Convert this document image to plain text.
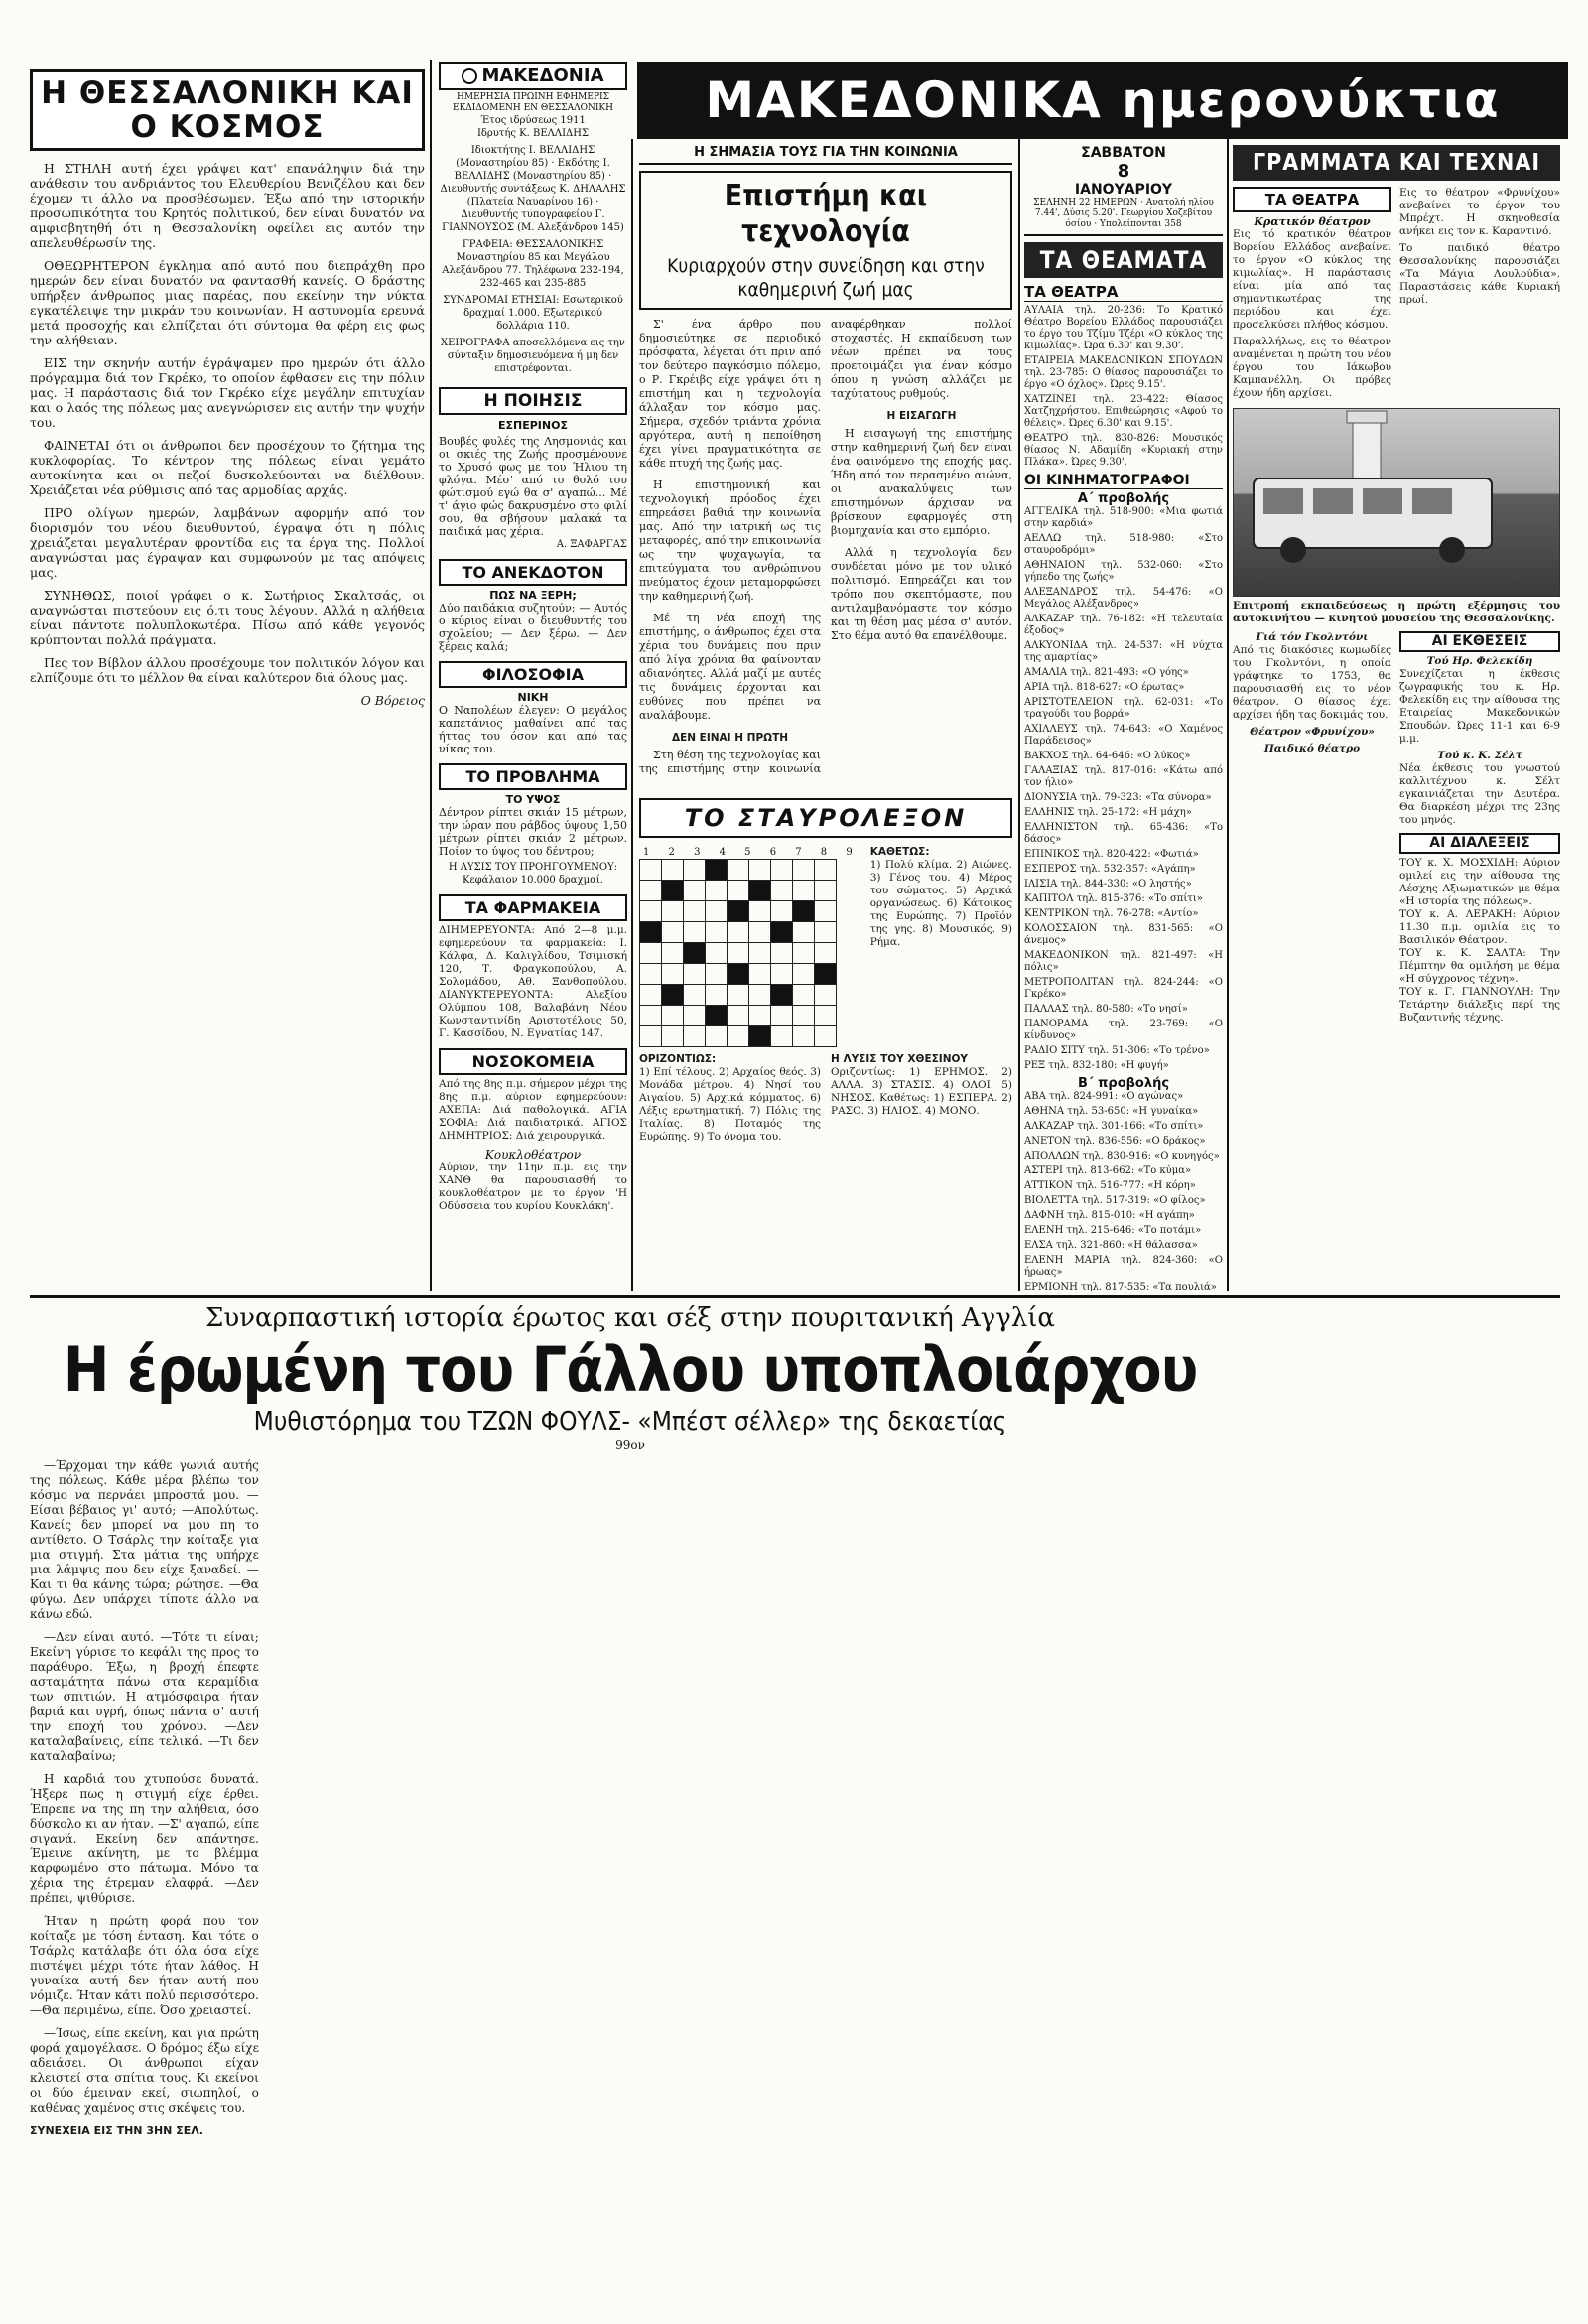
Η ΘΕΣΣΑΛΟΝΙΚΗ ΚΑΙ Ο ΚΟΣΜΟΣ

Η ΣΤΗΛΗ αυτή έχει γράψει κατ' επανάληψιν διά την ανάθεσιν του ανδριάντος του Ελευθερίου Βενιζέλου και δεν έχομεν τι άλλο να προσθέσωμεν. Έξω από την ιστορικήν προσωπικότητα του Κρητός πολιτικού, δεν είναι δυνατόν να αμφισβητηθή ότι η Θεσσαλονίκη οφείλει εις αυτόν την απελευθέρωσίν της.

ΟΘΕΩΡΗΤΕΡΟΝ έγκλημα από αυτό που διεπράχθη προ ημερών δεν είναι δυνατόν να φαντασθή κανείς. Ο δράστης υπήρξεν άνθρωπος μιας παρέας, που εκείνην την νύκτα εγκατέλειψε την μικράν του κοινωνίαν. Η αστυνομία ερευνά μετά προσοχής και ελπίζεται ότι σύντομα θα φέρη εις φως την αλήθειαν.

ΕΙΣ την σκηνήν αυτήν έγράψαμεν προ ημερών ότι άλλο πρόγραμμα διά τον Γκρέκο, το οποίον έφθασεν εις την πόλιν μας. Η παράστασις διά τον Γκρέκο είχε μεγάλην επιτυχίαν και ο λαός της πόλεως μας ανεγνώρισεν εις αυτήν την ψυχήν του.

ΦΑΙΝΕΤΑΙ ότι οι άνθρωποι δεν προσέχουν το ζήτημα της κυκλοφορίας. Το κέντρον της πόλεως είναι γεμάτο αυτοκίνητα και οι πεζοί δυσκολεύονται να διέλθουν. Χρειάζεται νέα ρύθμισις από τας αρμοδίας αρχάς.

ΠΡΟ ολίγων ημερών, λαμβάνων αφορμήν από τον διορισμόν του νέου διευθυντού, έγραψα ότι η πόλις χρειάζεται μεγαλυτέραν φροντίδα εις τα έργα της. Πολλοί αναγνώσται μας έγραψαν και συμφωνούν με τας απόψεις μας.

ΣΥΝΗΘΩΣ, ποιοί γράφει ο κ. Σωτήριος Σκαλτσάς, οι αναγνώσται πιστεύουν εις ό,τι τους λέγουν. Αλλά η αλήθεια είναι πάντοτε πολυπλοκωτέρα. Πίσω από κάθε γεγονός κρύπτονται πολλά πράγματα.

Πες τον Βίβλον άλλου προσέχουμε τον πολιτικόν λόγον και ελπίζουμε ότι το μέλλον θα είναι καλύτερον διά όλους μας.

Ο Βόρειος
ΜΑΚΕΔΟΝΙΚΑ ημερονύκτια
ΜΑΚΕΔΟΝΙΑ
ΗΜΕΡΗΣΙΑ ΠΡΩΙΝΗ ΕΦΗΜΕΡΙΣ ΕΚΔΙΔΟΜΕΝΗ ΕΝ ΘΕΣΣΑΛΟΝΙΚΗ
Έτος ιδρύσεως 1911
Ιδρυτής Κ. ΒΕΛΛΙΔΗΣ
Ιδιοκτήτης Ι. ΒΕΛΛΙΔΗΣ (Μοναστηρίου 85) · Εκδότης Ι. ΒΕΛΛΙΔΗΣ (Μοναστηρίου 85) · Διευθυντής συντάξεως Κ. ΔΗΛΑΛΗΣ (Πλατεία Ναυαρίνου 16) · Διευθυντής τυπογραφείου Γ. ΓΙΑΝΝΟΥΣΟΣ (Μ. Αλεξάνδρου 145)
ΓΡΑΦΕΙΑ: ΘΕΣΣΑΛΟΝΙΚΗΣ Μοναστηρίου 85 και Μεγάλου Αλεξάνδρου 77. Τηλέφωνα 232-194, 232-465 και 235-885
ΣΥΝΔΡΟΜΑΙ ΕΤΗΣΙΑΙ: Εσωτερικού δραχμαί 1.000. Εξωτερικού δολλάρια 110.
ΧΕΙΡΟΓΡΑΦΑ αποσελλόμενα εις την σύνταξιν δημοσιευόμενα ή μη δεν επιστρέφονται.
Η ΠΟΙΗΣΙΣ
ΕΣΠΕΡΙΝΟΣ
Βουβές φυλές της Λησμονιάς και οι σκιές της Ζωής προσμένουνε το Χρυσό φως με του Ήλιου τη φλόγα. Μέσ' από το θολό του φώτισμού εγώ θα σ' αγαπώ... Μέ τ' άγιο φώς δακρυσμένο στο φιλί σου, θα σβήσουν μαλακά τα παιδικά μας χέρια.
Α. ΞΑΦΑΡΓΑΣ
ΤΟ ΑΝΕΚΔΟΤΟΝ
ΠΩΣ ΝΑ ΞΕΡΗ;
Δύο παιδάκια συζητούν: — Αυτός ο κύριος είναι ο διευθυντής του σχολείου; — Δεν ξέρω. — Δεν ξέρεις καλά;
ΦΙΛΟΣΟΦΙΑ
ΝΙΚΗ
Ο Ναπολέων έλεγεν: Ο μεγάλος καπετάνιος μαθαίνει από τας ήττας του όσον και από τας νίκας του.
ΤΟ ΠΡΟΒΛΗΜΑ
ΤΟ ΥΨΟΣ
Δέντρον ρίπτει σκιάν 15 μέτρων, την ώραν που ράβδος ύψους 1,50 μέτρων ρίπτει σκιάν 2 μέτρων. Ποίον το ύψος του δέντρου;
Η ΛΥΣΙΣ ΤΟΥ ΠΡΟΗΓΟΥΜΕΝΟΥ: Κεφάλαιον 10.000 δραχμαί.
ΤΑ ΦΑΡΜΑΚΕΙΑ
ΔΙΗΜΕΡΕΥΟΝΤΑ: Από 2—8 μ.μ. εφημερεύουν τα φαρμακεία: Ι. Κάλφα, Δ. Καλιγλίδου, Τσιμισκή 120, Τ. Φραγκοπούλου, Α. Σολομάδου, Αθ. Ξανθοπούλου. ΔΙΑΝΥΚΤΕΡΕΥΟΝΤΑ: Αλεξίου Ολύμπου 108, Βαλαβάνη Νέου Κωνσταντινίδη Αριστοτέλους 50, Γ. Κασσίδου, Ν. Εγνατίας 147.
ΝΟΣΟΚΟΜΕΙΑ
Από της 8ης π.μ. σήμερον μέχρι της 8ης π.μ. αύριον εφημερεύουν: ΑΧΕΠΑ: Διά παθολογικά. ΑΓΙΑ ΣΟΦΙΑ: Διά παιδιατρικά. ΑΓΙΟΣ ΔΗΜΗΤΡΙΟΣ: Διά χειρουργικά.
Κουκλοθέατρον
Αύριον, την 11ην π.μ. εις την ΧΑΝΘ θα παρουσιασθή το κουκλοθέατρον με το έργον 'Η Οδύσσεια του κυρίου Κουκλάκη'.
Η ΣΗΜΑΣΙΑ ΤΟΥΣ ΓΙΑ ΤΗΝ ΚΟΙΝΩΝΙΑ
Επιστήμη και τεχνολογία
Κυριαρχούν στην συνείδηση και στην καθημερινή ζωή μας

Σ' ένα άρθρο που δημοσιεύτηκε σε περιοδικό πρόσφατα, λέγεται ότι πριν από τον δεύτερο παγκόσμιο πόλεμο, ο Ρ. Γκρέιβς είχε γράψει ότι η επιστήμη και η τεχνολογία άλλαξαν τον κόσμο μας. Σήμερα, σχεδόν τριάντα χρόνια αργότερα, αυτή η πεποίθηση έχει γίνει πραγματικότητα σε κάθε πτυχή της ζωής μας.

Η επιστημονική και τεχνολογική πρόοδος έχει επηρεάσει βαθιά την κοινωνία μας. Από την ιατρική ως τις μεταφορές, από την επικοινωνία ως την ψυχαγωγία, τα επιτεύγματα του ανθρώπινου πνεύματος έχουν μεταμορφώσει την καθημερινή ζωή.

Μέ τη νέα εποχή της επιστήμης, ο άνθρωπος έχει στα χέρια του δυνάμεις που πριν από λίγα χρόνια θα φαίνονταν αδιανόητες. Αλλά μαζί με αυτές τις δυνάμεις έρχονται και ευθύνες που πρέπει να αναλάβουμε.

ΔΕΝ ΕΙΝΑΙ Η ΠΡΩΤΗ

Στη θέση της τεχνολογίας και της επιστήμης στην κοινωνία αναφέρθηκαν πολλοί στοχαστές. Η εκπαίδευση των νέων πρέπει να τους προετοιμάζει για έναν κόσμο όπου η γνώση αλλάζει με ταχύτατους ρυθμούς.

Η ΕΙΣΑΓΩΓΗ

Η εισαγωγή της επιστήμης στην καθημερινή ζωή δεν είναι ένα φαινόμενο της εποχής μας. Ήδη από τον περασμένο αιώνα, οι ανακαλύψεις των επιστημόνων άρχισαν να βρίσκουν εφαρμογές στη βιομηχανία και στο εμπόριο.

Αλλά η τεχνολογία δεν συνδέεται μόνο με τον υλικό πολιτισμό. Επηρεάζει και τον τρόπο που σκεπτόμαστε, που αντιλαμβανόμαστε τον κόσμο και τη θέση μας μέσα σ' αυτόν. Στο θέμα αυτό θα επανέλθουμε.

ΤΟ ΣΤΑΥΡΟΛΕΞΟΝ
1 2 3 4 5 6 7 8 9

								ΚΑΘΕΤΩΣ:
1) Πολύ κλίμα. 2) Αιώνες. 3) Γένος του. 4) Μέρος του σώματος. 5) Αρχικά οργανώσεως. 6) Κάτοικος της Ευρώπης. 7) Προϊόν της γης. 8) Μουσικός. 9) Ρήμα.
ΟΡΙΖΟΝΤΙΩΣ:
1) Επί τέλους. 2) Αρχαίος θεός. 3) Μονάδα μέτρου. 4) Νησί του Αιγαίου. 5) Αρχικά κόμματος. 6) Λέξις ερωτηματική. 7) Πόλις της Ιταλίας. 8) Ποταμός της Ευρώπης. 9) Το όνομα του.
Η ΛΥΣΙΣ ΤΟΥ ΧΘΕΣΙΝΟΥ
Οριζοντίως: 1) ΕΡΗΜΟΣ. 2) ΑΛΛΑ. 3) ΣΤΑΣΙΣ. 4) ΟΛΟΙ. 5) ΝΗΣΟΣ. Καθέτως: 1) ΕΣΠΕΡΑ. 2) ΡΑΣΟ. 3) ΗΛΙΟΣ. 4) ΜΟΝΟ.
ΣΑΒΒΑΤΟΝ
8
ΙΑΝΟΥΑΡΙΟΥ
ΣΕΛΗΝΗ 22 ΗΜΕΡΩΝ · Ανατολή ηλίου 7.44', Δύσις 5.20'. Γεωργίου Χοζεβίτου όσίου · Υπολείπονται 358
ΤΑ ΘΕΑΜΑΤΑ
ΤΑ ΘΕΑΤΡΑ
ΑΥΛΑΙΑ τηλ. 20-236: Το Κρατικό Θέατρο Βορείου Ελλάδος παρουσιάζει το έργο του Τζίμυ Τζέρι «Ο κύκλος της κιμωλίας». Ώρα 6.30' και 9.30'.
ΕΤΑΙΡΕΙΑ ΜΑΚΕΔΟΝΙΚΩΝ ΣΠΟΥΔΩΝ τηλ. 23-785: Ο θίασος παρουσιάζει το έργο «Ο όχλος». Ώρες 9.15'.
ΧΑΤΖΙΝΕΙ τηλ. 23-422: Θίασος Χατζηχρήστου. Επιθεώρησις «Αφού το θέλεις». Ώρες 6.30' και 9.15'.
ΘΕΑΤΡΟ τηλ. 830-826: Μουσικός θίασος Ν. Αδαμίδη «Κυριακή στην Πλάκα». Ώρες 9.30'.
ΟΙ ΚΙΝΗΜΑΤΟΓΡΑΦΟΙ
Α΄ προβολής
ΑΓΓΕΛΙΚΑ τηλ. 518-900: «Μια φωτιά στην καρδιά»
ΑΕΛΛΩ τηλ. 518-980: «Στο σταυροδρόμι»
ΑΘΗΝΑΙΟΝ τηλ. 532-060: «Στο γήπεδο της ζωής»
ΑΛΕΞΑΝΔΡΟΣ τηλ. 54-476: «Ο Μεγάλος Αλέξανδρος»
ΑΛΚΑΖΑΡ τηλ. 76-182: «Η τελευταία έξοδος»
ΑΛΚΥΟΝΙΔΑ τηλ. 24-537: «Η νύχτα της αμαρτίας»
ΑΜΑΛΙΑ τηλ. 821-493: «Ο γόης»
ΑΡΙΑ τηλ. 818-627: «Ο έρωτας»
ΑΡΙΣΤΟΤΕΛΕΙΟΝ τηλ. 62-031: «Το τραγούδι του βορρά»
ΑΧΙΛΛΕΥΣ τηλ. 74-643: «Ο Χαμένος Παράδεισος»
ΒΑΚΧΟΣ τηλ. 64-646: «Ο λύκος»
ΓΑΛΑΞΙΑΣ τηλ. 817-016: «Κάτω από τον ήλιο»
ΔΙΟΝΥΣΙΑ τηλ. 79-323: «Τα σύνορα»
ΕΛΛΗΝΙΣ τηλ. 25-172: «Η μάχη»
ΕΛΛΗΝΙΣΤΟΝ τηλ. 65-436: «Το δάσος»
ΕΠΙΝΙΚΟΣ τηλ. 820-422: «Φωτιά»
ΕΣΠΕΡΟΣ τηλ. 532-357: «Αγάπη»
ΙΛΙΣΙΑ τηλ. 844-330: «Ο ληστής»
ΚΑΠΙΤΟΛ τηλ. 815-376: «Το σπίτι»
ΚΕΝΤΡΙΚΟΝ τηλ. 76-278: «Αντίο»
ΚΟΛΟΣΣΑΙΟΝ τηλ. 831-565: «Ο άνεμος»
ΜΑΚΕΔΟΝΙΚΟΝ τηλ. 821-497: «Η πόλις»
ΜΕΤΡΟΠΟΛΙΤΑΝ τηλ. 824-244: «Ο Γκρέκο»
ΠΑΛΛΑΣ τηλ. 80-580: «Το νησί»
ΠΑΝΟΡΑΜΑ τηλ. 23-769: «Ο κίνδυνος»
ΡΑΔΙΟ ΣΙΤΥ τηλ. 51-306: «Το τρένο»
ΡΕΞ τηλ. 832-180: «Η φυγή»
Β΄ προβολής
ΑΒΑ τηλ. 824-991: «Ο αγώνας»
ΑΘΗΝΑ τηλ. 53-650: «Η γυναίκα»
ΑΛΚΑΖΑΡ τηλ. 301-166: «Το σπίτι»
ΑΝΕΤΟΝ τηλ. 836-556: «Ο δράκος»
ΑΠΟΛΛΩΝ τηλ. 830-916: «Ο κυνηγός»
ΑΣΤΕΡΙ τηλ. 813-662: «Το κύμα»
ΑΤΤΙΚΟΝ τηλ. 516-777: «Η κόρη»
ΒΙΟΛΕΤΤΑ τηλ. 517-319: «Ο φίλος»
ΔΑΦΝΗ τηλ. 815-010: «Η αγάπη»
ΕΛΕΝΗ τηλ. 215-646: «Το ποτάμι»
ΕΛΣΑ τηλ. 321-860: «Η θάλασσα»
ΕΛΕΝΗ ΜΑΡΙΑ τηλ. 824-360: «Ο ήρωας»
ΕΡΜΙΟΝΗ τηλ. 817-535: «Τα πουλιά»
ΓΡΑΜΜΑΤΑ ΚΑΙ ΤΕΧΝΑΙ
ΤΑ ΘΕΑΤΡΑ
Κρατικόν θέατρον
Εις τό κρατικόν θέατρον Βορείου Ελλάδος ανεβαίνει το έργον «Ο κύκλος της κιμωλίας». Η παράστασις είναι μία από τας σημαντικωτέρας της περιόδου και έχει προσελκύσει πλήθος κόσμου.
Παραλλήλως, εις το θέατρον αναμένεται η πρώτη του νέου έργου του Ιάκωβου Καμπανέλλη. Οι πρόβες έχουν ήδη αρχίσει.
Εις το θέατρον «Φρυνίχου» ανεβαίνει το έργον του Μπρέχτ. Η σκηνοθεσία ανήκει εις τον κ. Καραντινό.
Το παιδικό θέατρο Θεσσαλονίκης παρουσιάζει «Τα Μάγια Λουλούδια». Παραστάσεις κάθε Κυριακή πρωί.
Επιτροπή εκπαιδεύσεως η πρώτη εξέρμησις του αυτοκινήτου — κινητού μουσείου της Θεσσαλονίκης.
Γιά τόν Γκολντόνι
Από τις διακόσιες κωμωδίες του Γκολντόνι, η οποία γράφτηκε το 1753, θα παρουσιασθή εις το νέον θέατρον. Ο θίασος έχει αρχίσει ήδη τας δοκιμάς του.
Θέατρον «Φρυνίχου»
Παιδικό θέατρο
ΑΙ ΕΚΘΕΣΕΙΣ
Τού Ηρ. Φελεκίδη
Συνεχίζεται η έκθεσις ζωγραφικής του κ. Ηρ. Φελεκίδη εις την αίθουσα της Εταιρείας Μακεδονικών Σπουδών. Ώρες 11-1 και 6-9 μ.μ.
Τού κ. Κ. Σέλτ
Νέα έκθεσις του γνωστού καλλιτέχνου κ. Σέλτ εγκαινιάζεται την Δευτέρα. Θα διαρκέση μέχρι της 23ης του μηνός.
ΑΙ ΔΙΑΛΕΞΕΙΣ
ΤΟΥ κ. Χ. ΜΟΣΧΙΔΗ: Αύριον ομιλεί εις την αίθουσα της Λέσχης Αξιωματικών με θέμα «Η ιστορία της πόλεως».
ΤΟΥ κ. Α. ΛΕΡΑΚΗ: Αύριον 11.30 π.μ. ομιλία εις το Βασιλικόν Θέατρον.
ΤΟΥ κ. Κ. ΣΑΛΤΑ: Την Πέμπτην θα ομιλήση με θέμα «Η σύγχρονος τέχνη».
ΤΟΥ κ. Γ. ΓΙΑΝΝΟΥΛΗ: Την Τετάρτην διάλεξις περί της Βυζαντινής τέχνης.
Συναρπαστική ιστορία έρωτος και σέξ στην πουριτανική Αγγλία
Η έρωμένη του Γάλλου υποπλοιάρχου
Μυθιστόρημα του ΤΖΩΝ ΦΟΥΛΣ- «Μπέστ σέλλερ» της δεκαετίας
99ον

—Έρχομαι την κάθε γωνιά αυτής της πόλεως. Κάθε μέρα βλέπω τον κόσμο να περνάει μπροστά μου. —Είσαι βέβαιος γι' αυτό; —Απολύτως. Κανείς δεν μπορεί να μου πη το αντίθετο. Ο Τσάρλς την κοίταξε για μια στιγμή. Στα μάτια της υπήρχε μια λάμψις που δεν είχε ξαναδεί. —Και τι θα κάνης τώρα; ρώτησε. —Θα φύγω. Δεν υπάρχει τίποτε άλλο να κάνω εδώ.

—Δεν είναι αυτό. —Τότε τι είναι; Εκείνη γύρισε το κεφάλι της προς το παράθυρο. Έξω, η βροχή έπεφτε ασταμάτητα πάνω στα κεραμίδια των σπιτιών. Η ατμόσφαιρα ήταν βαριά και υγρή, όπως πάντα σ' αυτή την εποχή του χρόνου. —Δεν καταλαβαίνεις, είπε τελικά. —Τι δεν καταλαβαίνω;

Η καρδιά του χτυπούσε δυνατά. Ήξερε πως η στιγμή είχε έρθει. Έπρεπε να της πη την αλήθεια, όσο δύσκολο κι αν ήταν. —Σ' αγαπώ, είπε σιγανά. Εκείνη δεν απάντησε. Έμεινε ακίνητη, με το βλέμμα καρφωμένο στο πάτωμα. Μόνο τα χέρια της έτρεμαν ελαφρά. —Δεν πρέπει, ψιθύρισε.

Ήταν η πρώτη φορά που τον κοίταζε με τόση ένταση. Και τότε ο Τσάρλς κατάλαβε ότι όλα όσα είχε πιστέψει μέχρι τότε ήταν λάθος. Η γυναίκα αυτή δεν ήταν αυτή που νόμιζε. Ήταν κάτι πολύ περισσότερο. —Θα περιμένω, είπε. Όσο χρειαστεί.

—Ίσως, είπε εκείνη, και για πρώτη φορά χαμογέλασε. Ο δρόμος έξω είχε αδειάσει. Οι άνθρωποι είχαν κλειστεί στα σπίτια τους. Κι εκείνοι οι δύο έμειναν εκεί, σιωπηλοί, ο καθένας χαμένος στις σκέψεις του.

ΣΥΝΕΧΕΙΑ ΕΙΣ ΤΗΝ 3ΗΝ ΣΕΛ.
